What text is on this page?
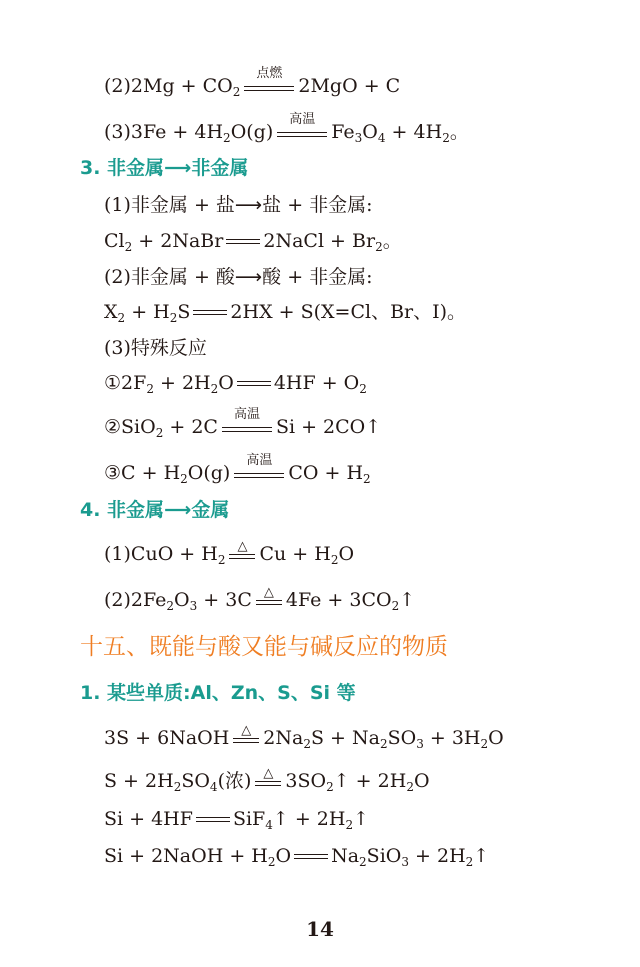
$(2)2Mg + CO_2$
点燃
2MgO + C
$(3)3Fe + 4H_2O(g)$
高温
$Fe_3O_4 + 4H_2$。
3. 非金属⟶非金属
(1)非金属 + 盐⟶盐 + 非金属:
$Cl_2$ + 2NaBr 2NaCl + $Br_2$。
(2)非金属 + 酸⟶酸 + 非金属:
$X_2 + H_2S$ 2HX + S(X=Cl、Br、I)。
(3)特殊反应
$①2F_2 + 2H_2O$ $4HF + O_2$
②SiO$_2$ + 2C
高温
Si + 2CO↑
③C + $H_2O(g)$
高温
CO + $H_2$
4. 非金属⟶金属
$(1)CuO + H_2$
△ $Cu + H_2O$
$(2)2Fe_2O_3 + 3C$ △ $4Fe + 3CO_2↑$
十五、既能与酸又能与碱反应的物质
1. 某些单质:Al、Zn、S、Si 等
3S + 6NaOH △ $2Na_2S + Na_2SO_3 + 3H_2O$
$S + 2H_2SO_4$(浓) △ $3SO_2↑ + 2H_2O$
Si + 4HF SiF$_4$↑ + $2H_2↑$
Si + 2NaOH + $H_2O$ $Na_2SiO_3$ + $2H_2↑$
14
